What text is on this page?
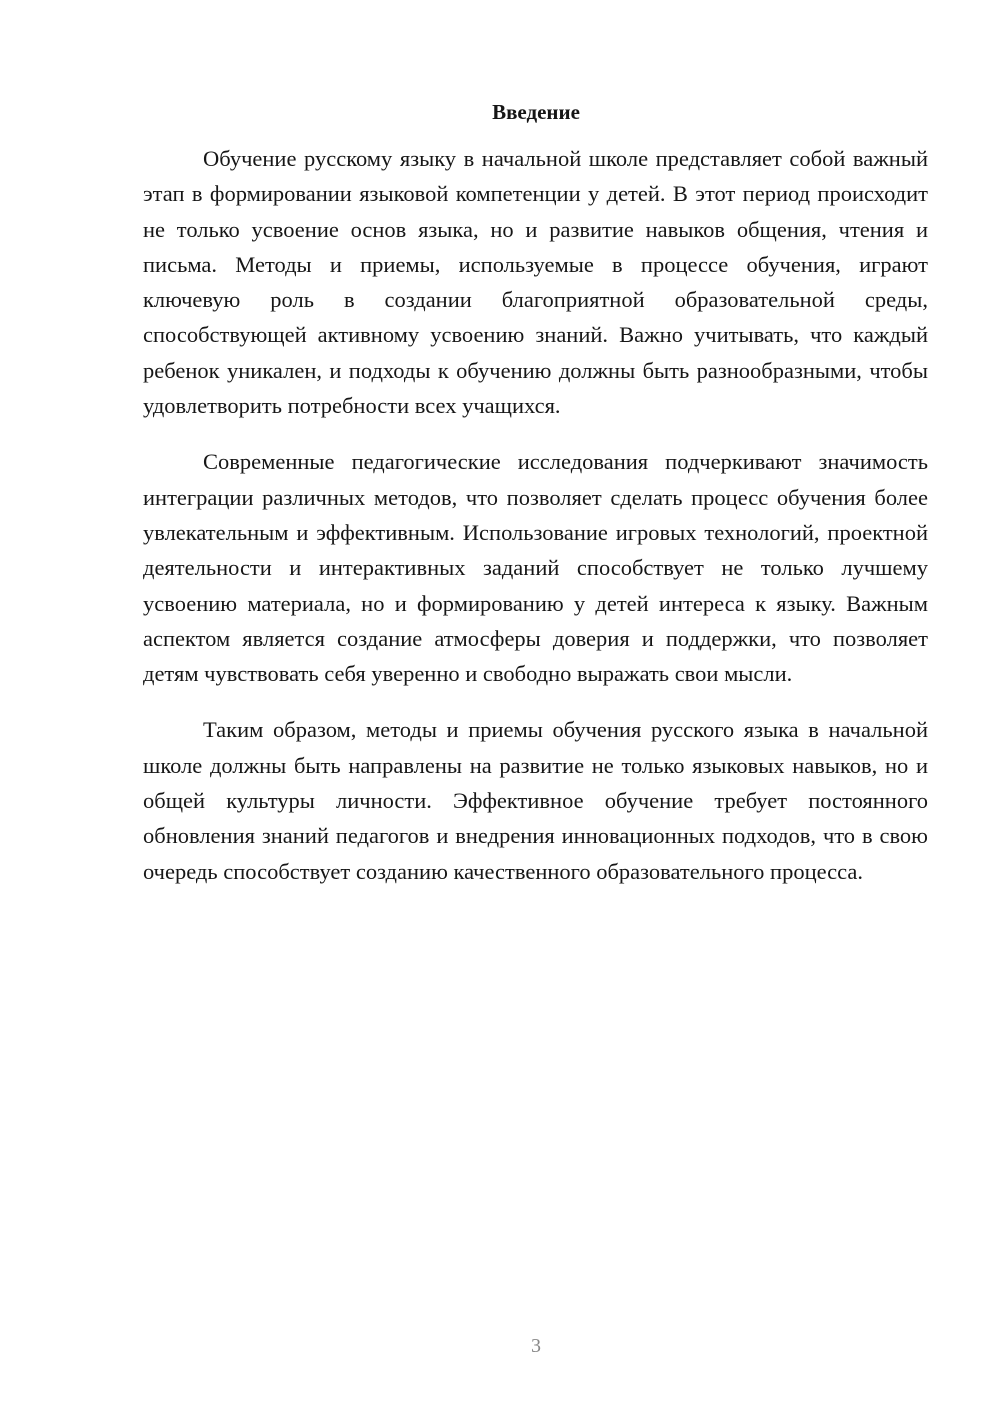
Введение

Обучение русскому языку в начальной школе представляет собой важный этап в формировании языковой компетенции у детей. В этот период происходит не только усвоение основ языка, но и развитие навыков общения, чтения и письма. Методы и приемы, используемые в процессе обучения, играют ключевую роль в создании благоприятной образовательной среды, способствующей активному усвоению знаний. Важно учитывать, что каждый ребенок уникален, и подходы к обучению должны быть разнообразными, чтобы удовлетворить потребности всех учащихся.

Современные педагогические исследования подчеркивают значимость интеграции различных методов, что позволяет сделать процесс обучения более увлекательным и эффективным. Использование игровых технологий, проектной деятельности и интерактивных заданий способствует не только лучшему усвоению материала, но и формированию у детей интереса к языку. Важным аспектом является создание атмосферы доверия и поддержки, что позволяет детям чувствовать себя уверенно и свободно выражать свои мысли.

Таким образом, методы и приемы обучения русского языка в начальной школе должны быть направлены на развитие не только языковых навыков, но и общей культуры личности. Эффективное обучение требует постоянного обновления знаний педагогов и внедрения инновационных подходов, что в свою очередь способствует созданию качественного образовательного процесса.

3
